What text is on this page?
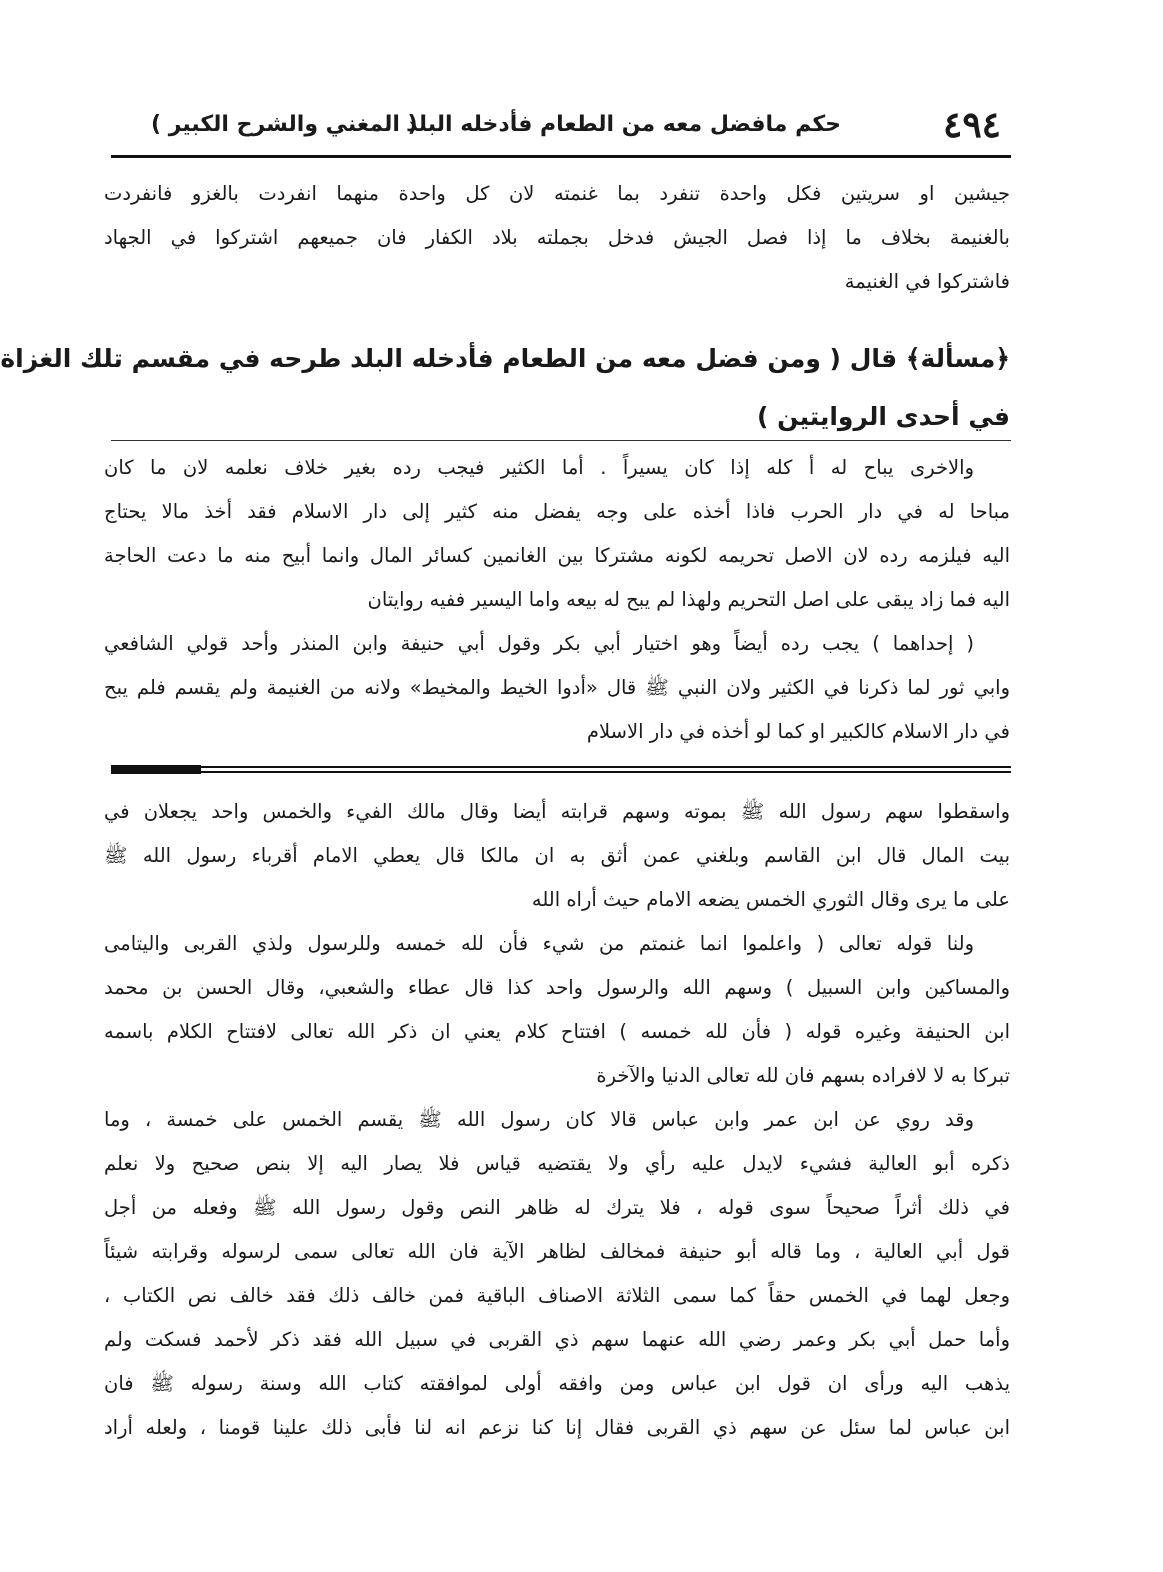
٤٩٤
حكم مافضل معه من الطعام فأدخله البلد
( المغني والشرح الكبير )
جيشين او سريتين فكل واحدة تنفرد بما غنمته لان كل واحدة منهما انفردت بالغزو فانفردت
بالغنيمة بخلاف ما إذا فصل الجيش فدخل بجملته بلاد الكفار فان جميعهم اشتركوا في الجهاد
فاشتركوا في الغنيمة
﴿مسألة﴾ قال ( ومن فضل معه من الطعام فأدخله البلد طرحه في مقسم تلك الغزاة
في أحدى الروايتين )
والاخرى يباح له أ كله إذا كان يسيراً . أما الكثير فيجب رده بغير خلاف نعلمه لان ما كان
مباحا له في دار الحرب فاذا أخذه على وجه يفضل منه كثير إلى دار الاسلام فقد أخذ مالا يحتاج
اليه فيلزمه رده لان الاصل تحريمه لكونه مشتركا بين الغانمين كسائر المال وانما أبيح منه ما دعت الحاجة
اليه فما زاد يبقى على اصل التحريم ولهذا لم يبح له بيعه واما اليسير ففيه روايتان
( إحداهما ) يجب رده أيضاً وهو اختيار أبي بكر وقول أبي حنيفة وابن المنذر وأحد قولي الشافعي
وابي ثور لما ذكرنا في الكثير ولان النبي ﷺ قال «أدوا الخيط والمخيط» ولانه من الغنيمة ولم يقسم فلم يبح
في دار الاسلام كالكبير او كما لو أخذه في دار الاسلام
واسقطوا سهم رسول الله ﷺ بموته وسهم قرابته أيضا وقال مالك الفيء والخمس واحد يجعلان في
بيت المال قال ابن القاسم وبلغني عمن أثق به ان مالكا قال يعطي الامام أقرباء رسول الله ﷺ
على ما يرى وقال الثوري الخمس يضعه الامام حيث أراه الله
ولنا قوله تعالى ( واعلموا انما غنمتم من شيء فأن لله خمسه وللرسول ولذي القربى واليتامى
والمساكين وابن السبيل ) وسهم الله والرسول واحد كذا قال عطاء والشعبي، وقال الحسن بن محمد
ابن الحنيفة وغيره قوله ( فأن لله خمسه ) افتتاح كلام يعني ان ذكر الله تعالى لافتتاح الكلام باسمه
تبركا به لا لافراده بسهم فان لله تعالى الدنيا والآخرة
وقد روي عن ابن عمر وابن عباس قالا كان رسول الله ﷺ يقسم الخمس على خمسة ، وما
ذكره أبو العالية فشيء لايدل عليه رأي ولا يقتضيه قياس فلا يصار اليه إلا بنص صحيح ولا نعلم
في ذلك أثراً صحيحاً سوى قوله ، فلا يترك له ظاهر النص وقول رسول الله ﷺ وفعله من أجل
قول أبي العالية ، وما قاله أبو حنيفة فمخالف لظاهر الآية فان الله تعالى سمى لرسوله وقرابته شيئاً
وجعل لهما في الخمس حقاً كما سمى الثلاثة الاصناف الباقية فمن خالف ذلك فقد خالف نص الكتاب ،
وأما حمل أبي بكر وعمر رضي الله عنهما سهم ذي القربى في سبيل الله فقد ذكر لأحمد فسكت ولم
يذهب اليه ورأى ان قول ابن عباس ومن وافقه أولى لموافقته كتاب الله وسنة رسوله ﷺ فان
ابن عباس لما سئل عن سهم ذي القربى فقال إنا كنا نزعم انه لنا فأبى ذلك علينا قومنا ، ولعله أراد
